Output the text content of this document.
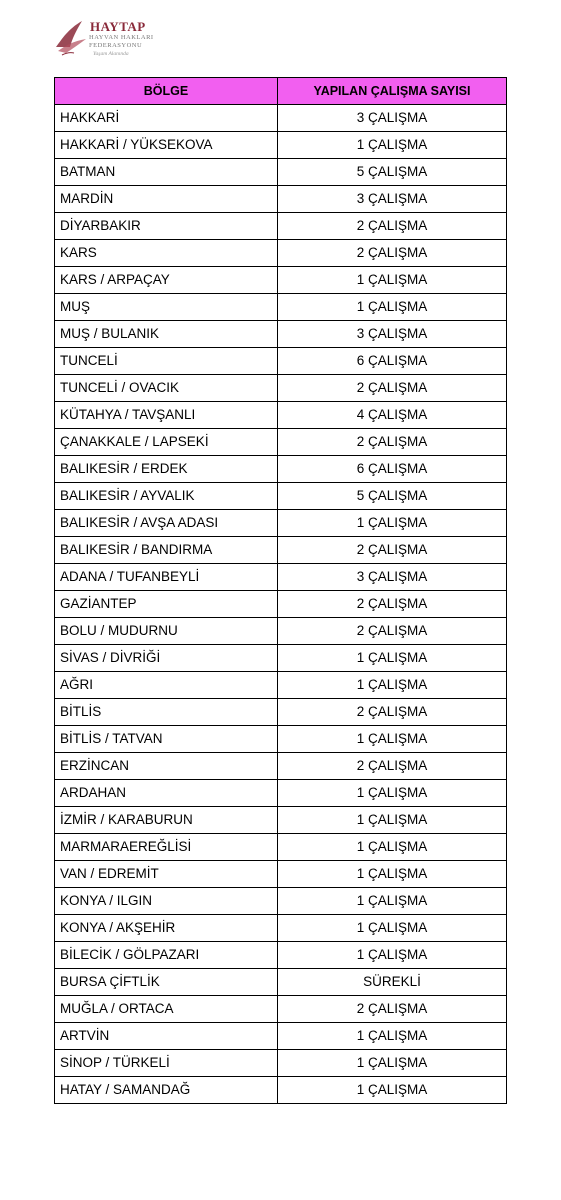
HAYTAP
HAYVAN HAKLARI
FEDERASYONU
Yaşam Alanında
BÖLGE	YAPILAN ÇALIŞMA SAYISI
HAKKARİ	3 ÇALIŞMA
HAKKARİ / YÜKSEKOVA	1 ÇALIŞMA
BATMAN	5 ÇALIŞMA
MARDİN	3 ÇALIŞMA
DİYARBAKIR	2 ÇALIŞMA
KARS	2 ÇALIŞMA
KARS / ARPAÇAY	1 ÇALIŞMA
MUŞ	1 ÇALIŞMA
MUŞ / BULANIK	3 ÇALIŞMA
TUNCELİ	6 ÇALIŞMA
TUNCELİ / OVACIK	2 ÇALIŞMA
KÜTAHYA / TAVŞANLI	4 ÇALIŞMA
ÇANAKKALE / LAPSEKİ	2 ÇALIŞMA
BALIKESİR / ERDEK	6 ÇALIŞMA
BALIKESİR / AYVALIK	5 ÇALIŞMA
BALIKESİR / AVŞA ADASI	1 ÇALIŞMA
BALIKESİR / BANDIRMA	2 ÇALIŞMA
ADANA / TUFANBEYLİ	3 ÇALIŞMA
GAZİANTEP	2 ÇALIŞMA
BOLU / MUDURNU	2 ÇALIŞMA
SİVAS / DİVRİĞİ	1 ÇALIŞMA
AĞRI	1 ÇALIŞMA
BİTLİS	2 ÇALIŞMA
BİTLİS / TATVAN	1 ÇALIŞMA
ERZİNCAN	2 ÇALIŞMA
ARDAHAN	1 ÇALIŞMA
İZMİR / KARABURUN	1 ÇALIŞMA
MARMARAEREĞLİSİ	1 ÇALIŞMA
VAN / EDREMİT	1 ÇALIŞMA
KONYA / ILGIN	1 ÇALIŞMA
KONYA / AKŞEHİR	1 ÇALIŞMA
BİLECİK / GÖLPAZARI	1 ÇALIŞMA
BURSA ÇİFTLİK	SÜREKLİ
MUĞLA / ORTACA	2 ÇALIŞMA
ARTVİN	1 ÇALIŞMA
SİNOP / TÜRKELİ	1 ÇALIŞMA
HATAY / SAMANDAĞ	1 ÇALIŞMA
